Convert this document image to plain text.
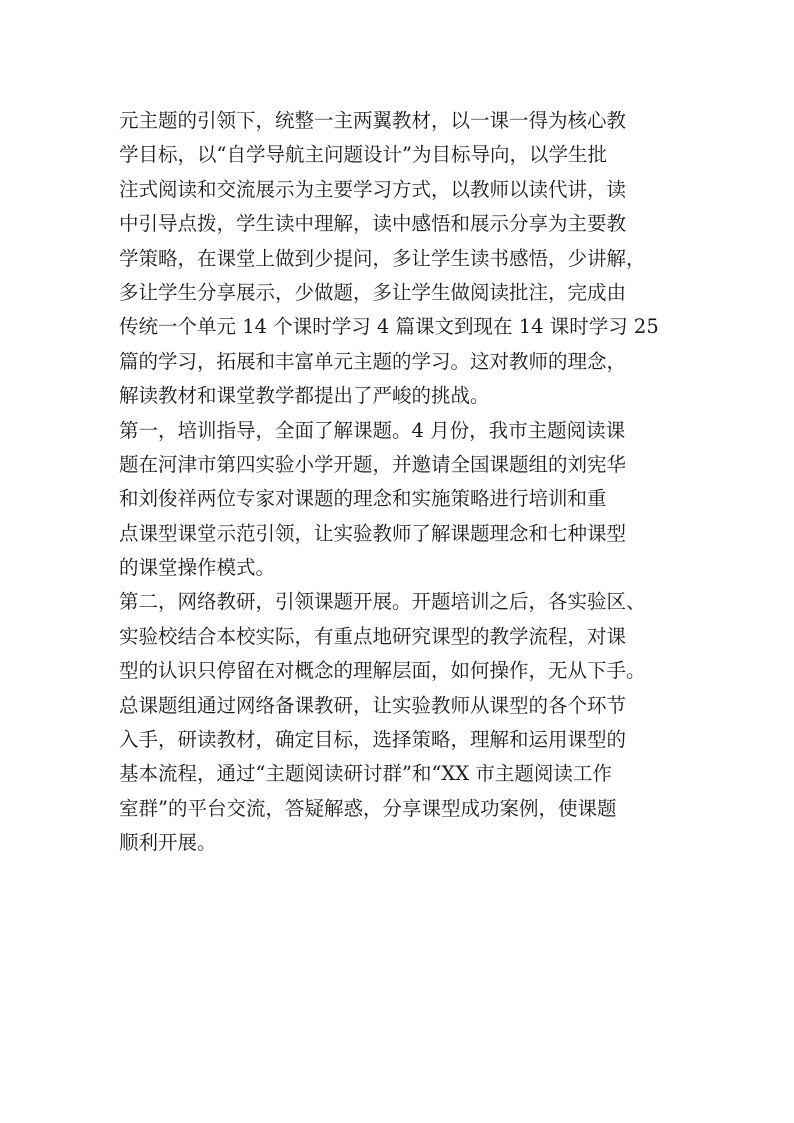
元主题的引领下，统整一主两翼教材，以一课一得为核心教
学目标，以“自学导航主问题设计”为目标导向，以学生批
注式阅读和交流展示为主要学习方式，以教师以读代讲，读
中引导点拨，学生读中理解，读中感悟和展示分享为主要教
学策略，在课堂上做到少提问，多让学生读书感悟，少讲解，
多让学生分享展示，少做题，多让学生做阅读批注，完成由
传统一个单元 14 个课时学习 4 篇课文到现在 14 课时学习 25
篇的学习，拓展和丰富单元主题的学习。这对教师的理念，
解读教材和课堂教学都提出了严峻的挑战。
第一，培训指导，全面了解课题。4 月份，我市主题阅读课
题在河津市第四实验小学开题，并邀请全国课题组的刘宪华
和刘俊祥两位专家对课题的理念和实施策略进行培训和重
点课型课堂示范引领，让实验教师了解课题理念和七种课型
的课堂操作模式。
第二，网络教研，引领课题开展。开题培训之后，各实验区、
实验校结合本校实际，有重点地研究课型的教学流程，对课
型的认识只停留在对概念的理解层面，如何操作，无从下手。
总课题组通过网络备课教研，让实验教师从课型的各个环节
入手，研读教材，确定目标，选择策略，理解和运用课型的
基本流程，通过“主题阅读研讨群”和“XX 市主题阅读工作
室群”的平台交流，答疑解惑，分享课型成功案例，使课题
顺利开展。
